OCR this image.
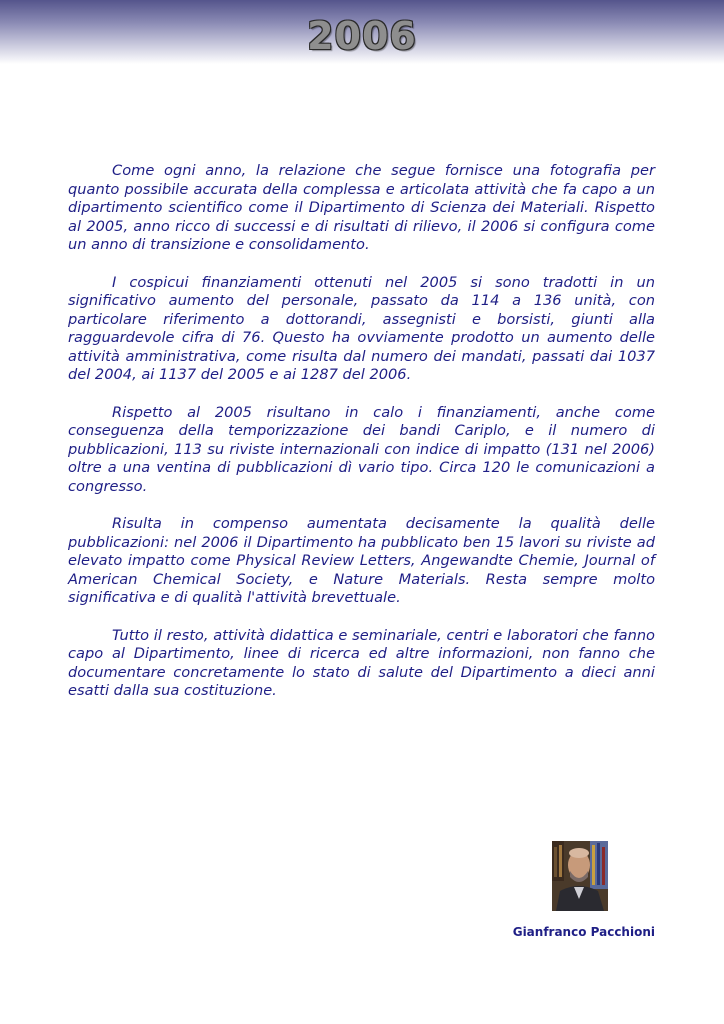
2006

Come ogni anno, la relazione che segue fornisce una fotografia per quanto possibile accurata della complessa e articolata attività che fa capo a un dipartimento scientifico come il Dipartimento di Scienza dei Materiali. Rispetto al 2005, anno ricco di successi e di risultati di rilievo, il 2006 si configura come un anno di transizione e consolidamento.

I cospicui finanziamenti ottenuti nel 2005 si sono tradotti in un significativo aumento del personale, passato da 114 a 136 unità, con particolare riferimento a dottorandi, assegnisti e borsisti, giunti alla ragguardevole cifra di 76. Questo ha ovviamente prodotto un aumento delle attività amministrativa, come risulta dal numero dei mandati, passati dai 1037 del 2004, ai 1137 del 2005 e ai 1287 del 2006.

Rispetto al 2005 risultano in calo i finanziamenti, anche come conseguenza della temporizzazione dei bandi Cariplo, e il numero di pubblicazioni, 113 su riviste internazionali con indice di impatto (131 nel 2006) oltre a una ventina di pubblicazioni dì vario tipo. Circa 120 le comunicazioni a congresso.

Risulta in compenso aumentata decisamente la qualità delle pubblicazioni: nel 2006 il Dipartimento ha pubblicato ben 15 lavori su riviste ad elevato impatto come Physical Review Letters, Angewandte Chemie, Journal of American Chemical Society, e Nature Materials. Resta sempre molto significativa e di qualità l'attività brevettuale.

Tutto il resto, attività didattica e seminariale, centri e laboratori che fanno capo al Dipartimento, linee di ricerca ed altre informazioni, non fanno che documentare concretamente lo stato di salute del Dipartimento a dieci anni esatti dalla sua costituzione.

Gianfranco Pacchioni
